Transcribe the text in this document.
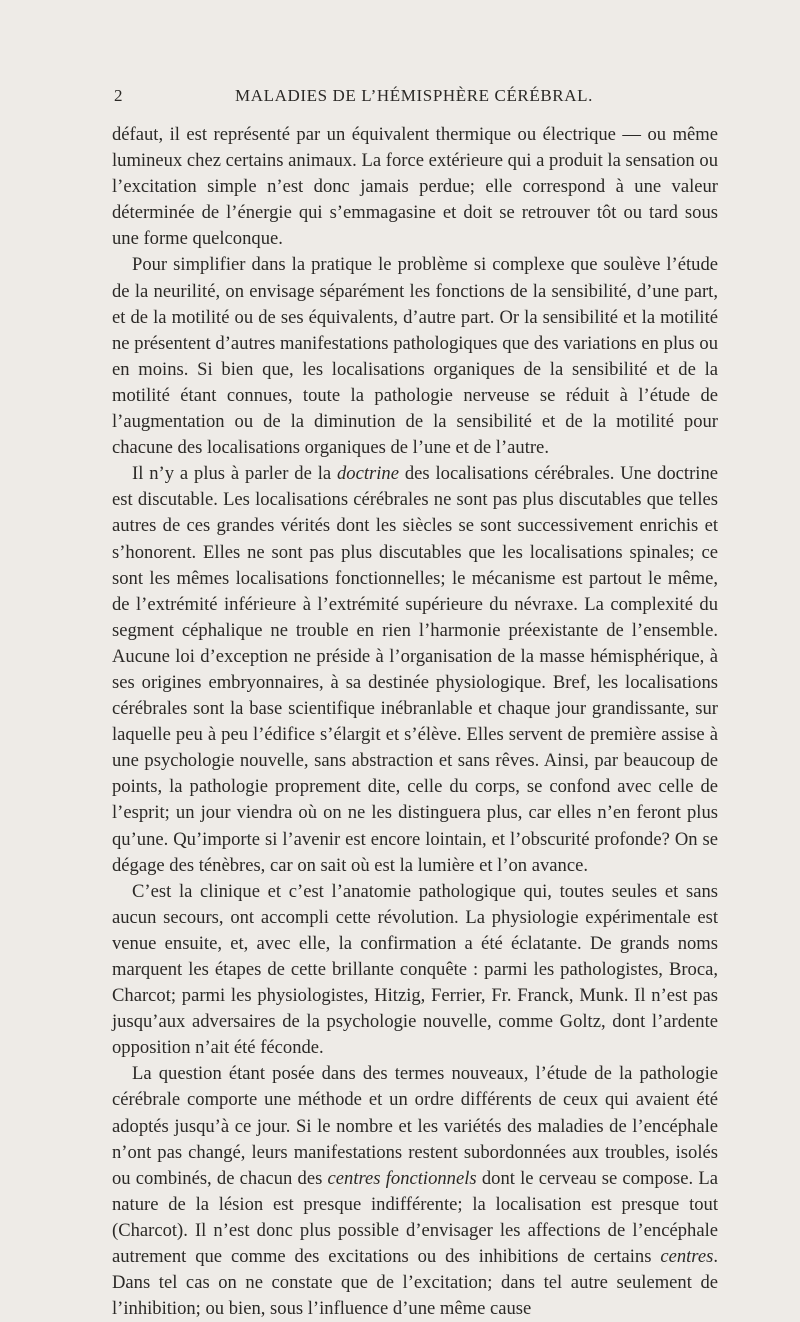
2	MALADIES DE L’HÉMISPHÈRE CÉRÉBRAL.

défaut, il est représenté par un équivalent thermique ou électrique — ou même lumineux chez certains animaux. La force extérieure qui a produit la sensation ou l’excitation simple n’est donc jamais perdue; elle correspond à une valeur déterminée de l’énergie qui s’emmagasine et doit se retrouver tôt ou tard sous une forme quelconque.

Pour simplifier dans la pratique le problème si complexe que soulève l’étude de la neurilité, on envisage séparément les fonctions de la sensibilité, d’une part, et de la motilité ou de ses équivalents, d’autre part. Or la sensibilité et la motilité ne présentent d’autres manifestations pathologiques que des variations en plus ou en moins. Si bien que, les localisations organiques de la sensibilité et de la motilité étant connues, toute la pathologie nerveuse se réduit à l’étude de l’augmentation ou de la diminution de la sensibilité et de la motilité pour chacune des localisations organiques de l’une et de l’autre.

Il n’y a plus à parler de la doctrine des localisations cérébrales. Une doctrine est discutable. Les localisations cérébrales ne sont pas plus discutables que telles autres de ces grandes vérités dont les siècles se sont successivement enrichis et s’honorent. Elles ne sont pas plus discutables que les localisations spinales; ce sont les mêmes localisations fonctionnelles; le mécanisme est partout le même, de l’extrémité inférieure à l’extrémité supérieure du névraxe. La complexité du segment céphalique ne trouble en rien l’harmonie préexistante de l’ensemble. Aucune loi d’exception ne préside à l’organisation de la masse hémisphérique, à ses origines embryonnaires, à sa destinée physiologique. Bref, les localisations cérébrales sont la base scientifique inébranlable et chaque jour grandissante, sur laquelle peu à peu l’édifice s’élargit et s’élève. Elles servent de première assise à une psychologie nouvelle, sans abstraction et sans rêves. Ainsi, par beaucoup de points, la pathologie proprement dite, celle du corps, se confond avec celle de l’esprit; un jour viendra où on ne les distinguera plus, car elles n’en feront plus qu’une. Qu’importe si l’avenir est encore lointain, et l’obscurité profonde? On se dégage des ténèbres, car on sait où est la lumière et l’on avance.

C’est la clinique et c’est l’anatomie pathologique qui, toutes seules et sans aucun secours, ont accompli cette révolution. La physiologie expérimentale est venue ensuite, et, avec elle, la confirmation a été éclatante. De grands noms marquent les étapes de cette brillante conquête : parmi les pathologistes, Broca, Charcot; parmi les physiologistes, Hitzig, Ferrier, Fr. Franck, Munk. Il n’est pas jusqu’aux adversaires de la psychologie nouvelle, comme Goltz, dont l’ardente opposition n’ait été féconde.

La question étant posée dans des termes nouveaux, l’étude de la pathologie cérébrale comporte une méthode et un ordre différents de ceux qui avaient été adoptés jusqu’à ce jour. Si le nombre et les variétés des maladies de l’encéphale n’ont pas changé, leurs manifestations restent subordonnées aux troubles, isolés ou combinés, de chacun des centres fonctionnels dont le cerveau se compose. La nature de la lésion est presque indifférente; la localisation est presque tout (Charcot). Il n’est donc plus possible d’envisager les affections de l’encéphale autrement que comme des excitations ou des inhibitions de certains centres. Dans tel cas on ne constate que de l’excitation; dans tel autre seulement de l’inhibition; ou bien, sous l’influence d’une même cause
